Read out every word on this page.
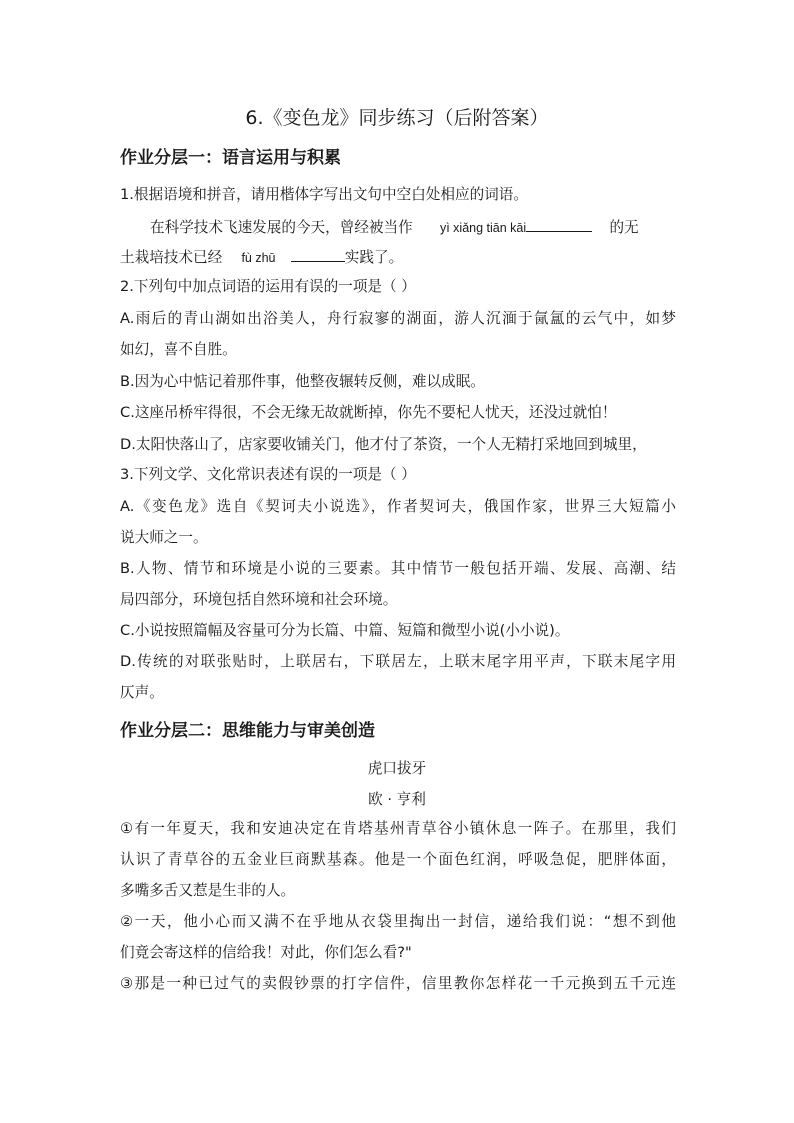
6.《变色龙》同步练习（后附答案）
作业分层一：语言运用与积累
1.根据语境和拼音，请用楷体字写出文句中空白处相应的词语。
在科学技术飞速发展的今天，曾经被当作 yì xiǎng tiān kāi	的无
土栽培技术已经 fù zhū	实践了。
2.下列句中加点词语的运用有误的一项是（ ）
A.雨后的青山湖如出浴美人，舟行寂寥的湖面，游人沉湎于氤氲的云气中，如梦
如幻，喜不自胜。
B.因为心中惦记着那件事，他整夜辗转反侧，难以成眠。
C.这座吊桥牢得很，不会无缘无故就断掉，你先不要杞人忧天，还没过就怕！
D.太阳快落山了，店家要收铺关门，他才付了茶资，一个人无精打采地回到城里，
3.下列文学、文化常识表述有误的一项是（ ）
A.《变色龙》选自《契诃夫小说选》，作者契诃夫，俄国作家，世界三大短篇小
说大师之一。
B.人物、情节和环境是小说的三要素。其中情节一般包括开端、发展、高潮、结
局四部分，环境包括自然环境和社会环境。
C.小说按照篇幅及容量可分为长篇、中篇、短篇和微型小说(小小说)。
D.传统的对联张贴时，上联居右，下联居左，上联末尾字用平声，下联末尾字用
仄声。
作业分层二：思维能力与审美创造
虎口拔牙
欧 · 亨利
①有一年夏天，我和安迪决定在肯塔基州青草谷小镇休息一阵子。在那里，我们
认识了青草谷的五金业巨商默基森。他是一个面色红润，呼吸急促，肥胖体面，
多嘴多舌又惹是生非的人。
②一天，他小心而又满不在乎地从衣袋里掏出一封信，递给我们说：“想不到他
们竟会寄这样的信给我！对此，你们怎么看?"
③那是一种已过气的卖假钞票的打字信件，信里教你怎样花一千元换到五千元连
